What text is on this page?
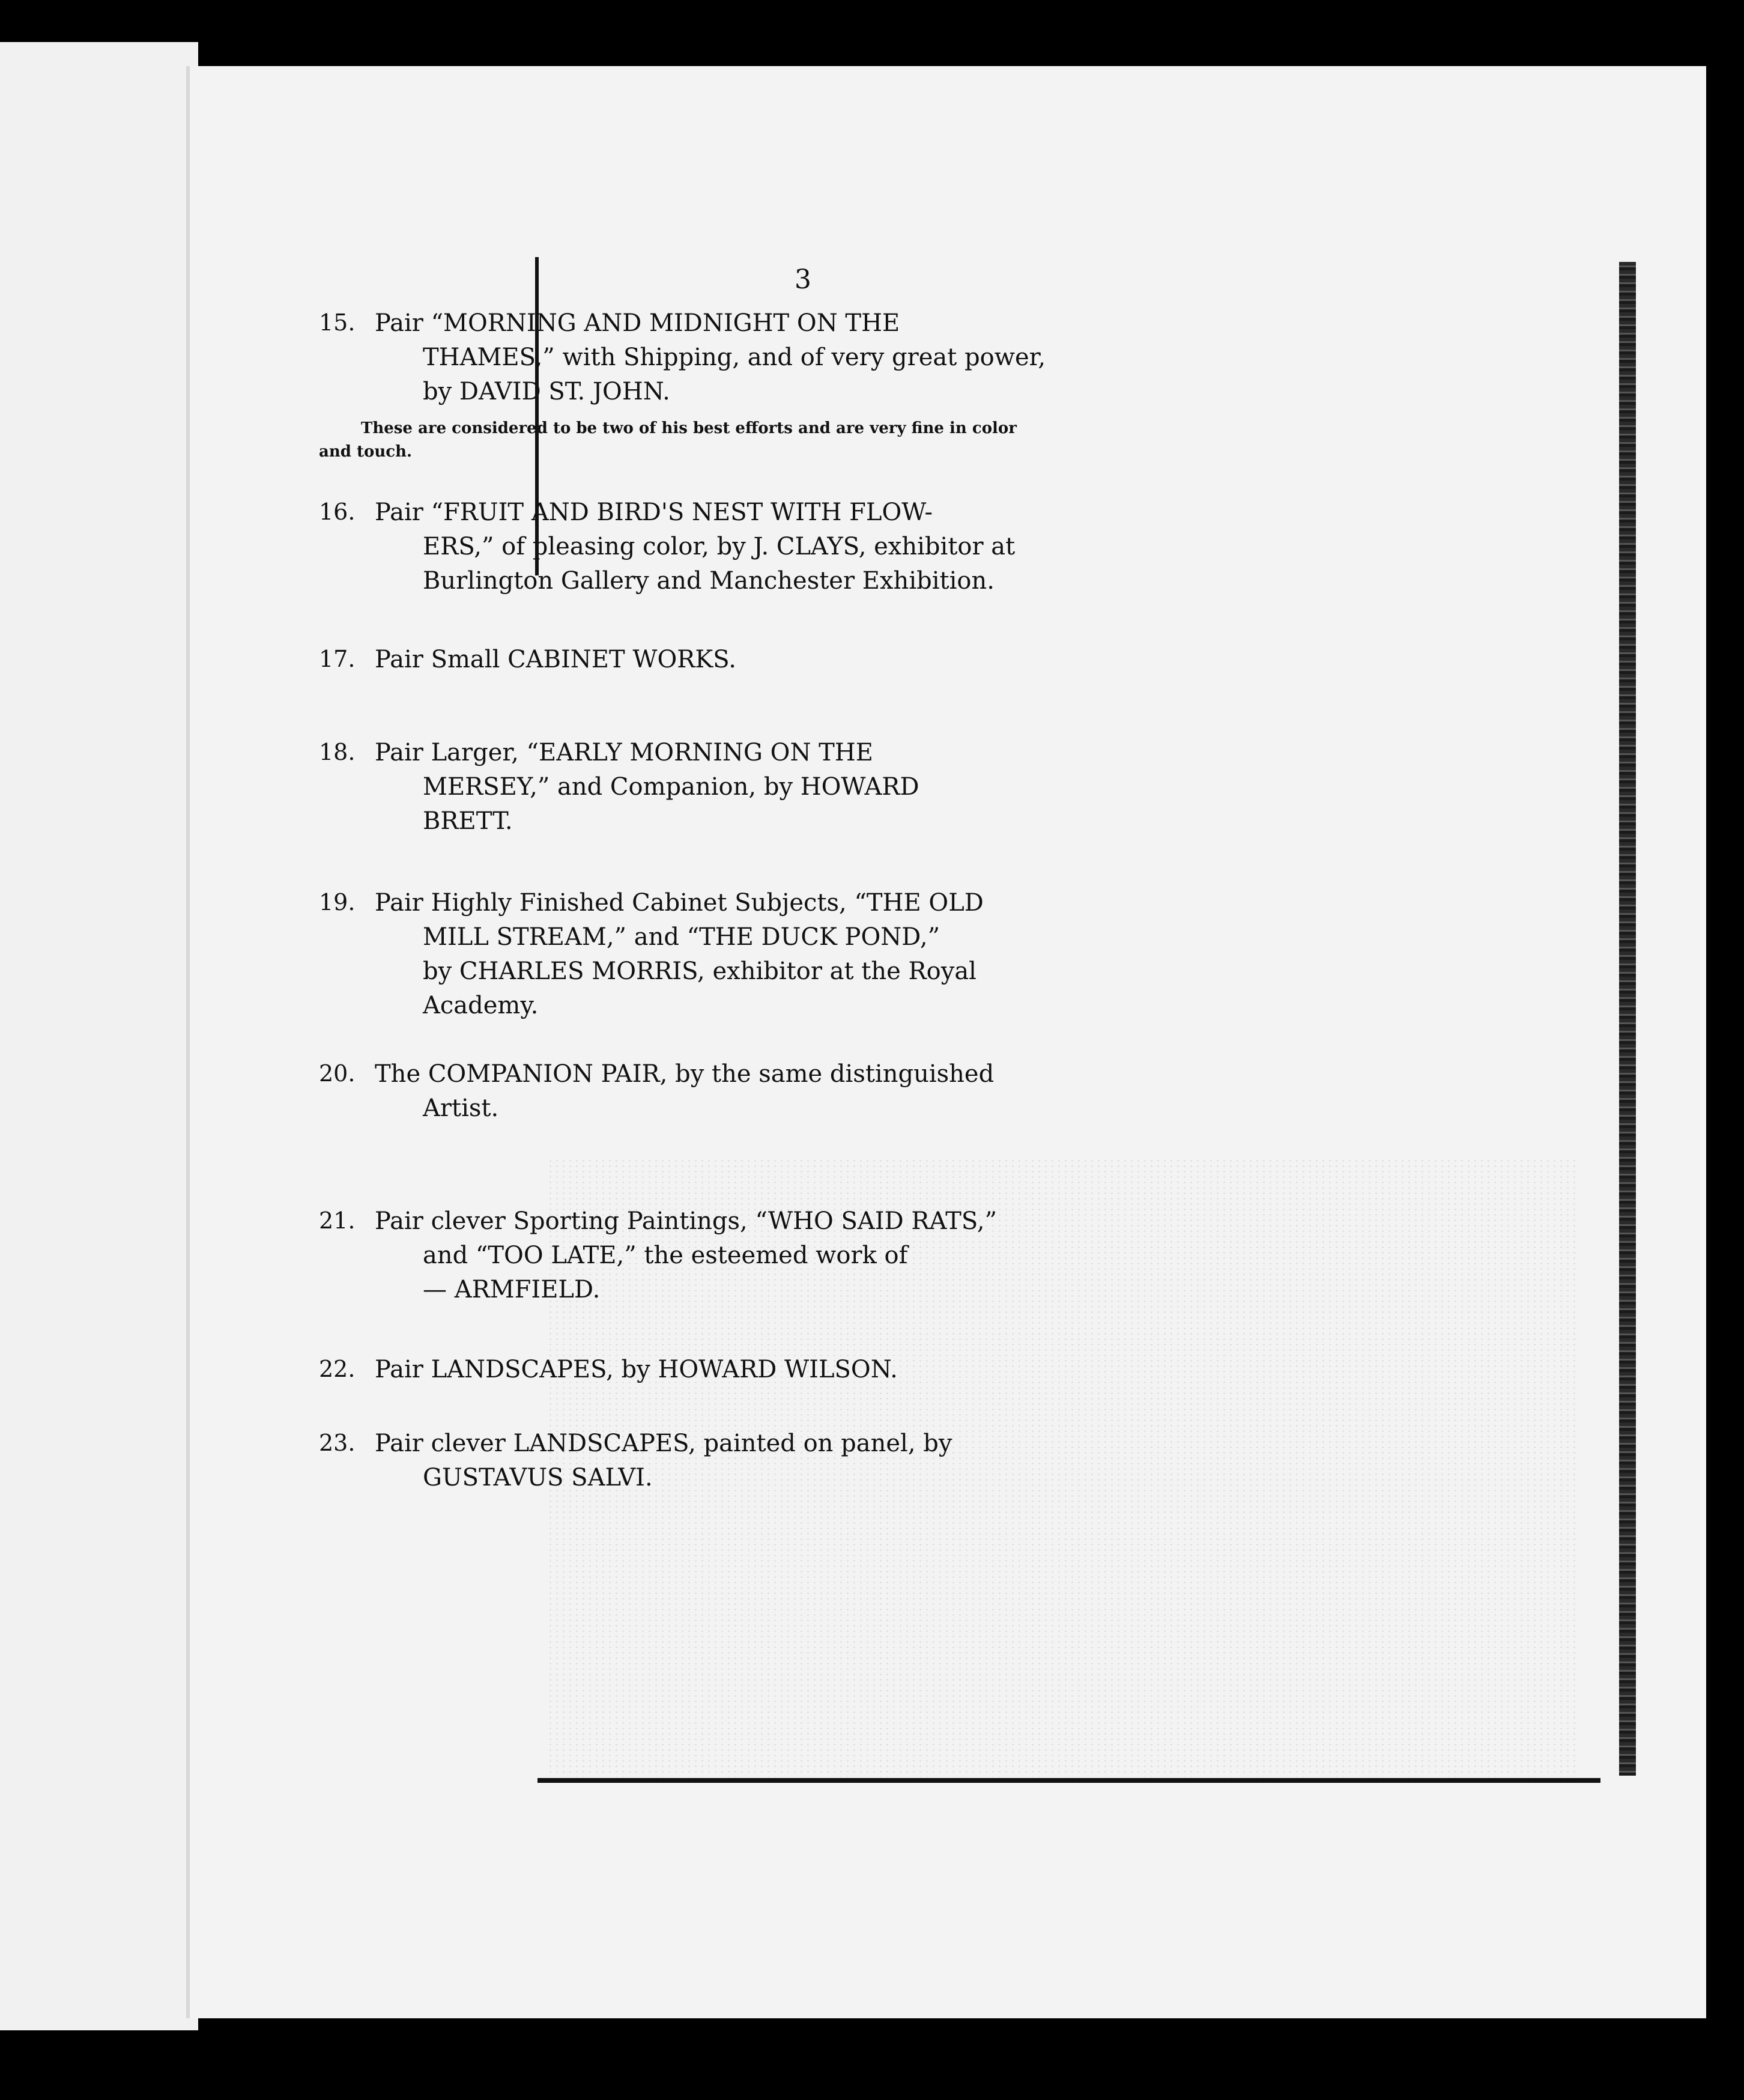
3
15. Pair “MORNING AND MIDNIGHT ON THE
THAMES,” with Shipping, and of very great power,
by DAVID ST. JOHN.
These are considered to be two of his best efforts and are very fine in color
and touch.
16. Pair “FRUIT AND BIRD'S NEST WITH FLOW-
ERS,” of pleasing color, by J. CLAYS, exhibitor at
Burlington Gallery and Manchester Exhibition.
17. Pair Small CABINET WORKS.
18. Pair Larger, “EARLY MORNING ON THE
MERSEY,” and Companion, by HOWARD
BRETT.
19. Pair Highly Finished Cabinet Subjects, “THE OLD
MILL STREAM,” and “THE DUCK POND,”
by CHARLES MORRIS, exhibitor at the Royal
Academy.
20. The COMPANION PAIR, by the same distinguished
Artist.
21. Pair clever Sporting Paintings, “WHO SAID RATS,”
and “TOO LATE,” the esteemed work of
— ARMFIELD.
22. Pair LANDSCAPES, by HOWARD WILSON.
23. Pair clever LANDSCAPES, painted on panel, by
GUSTAVUS SALVI.
